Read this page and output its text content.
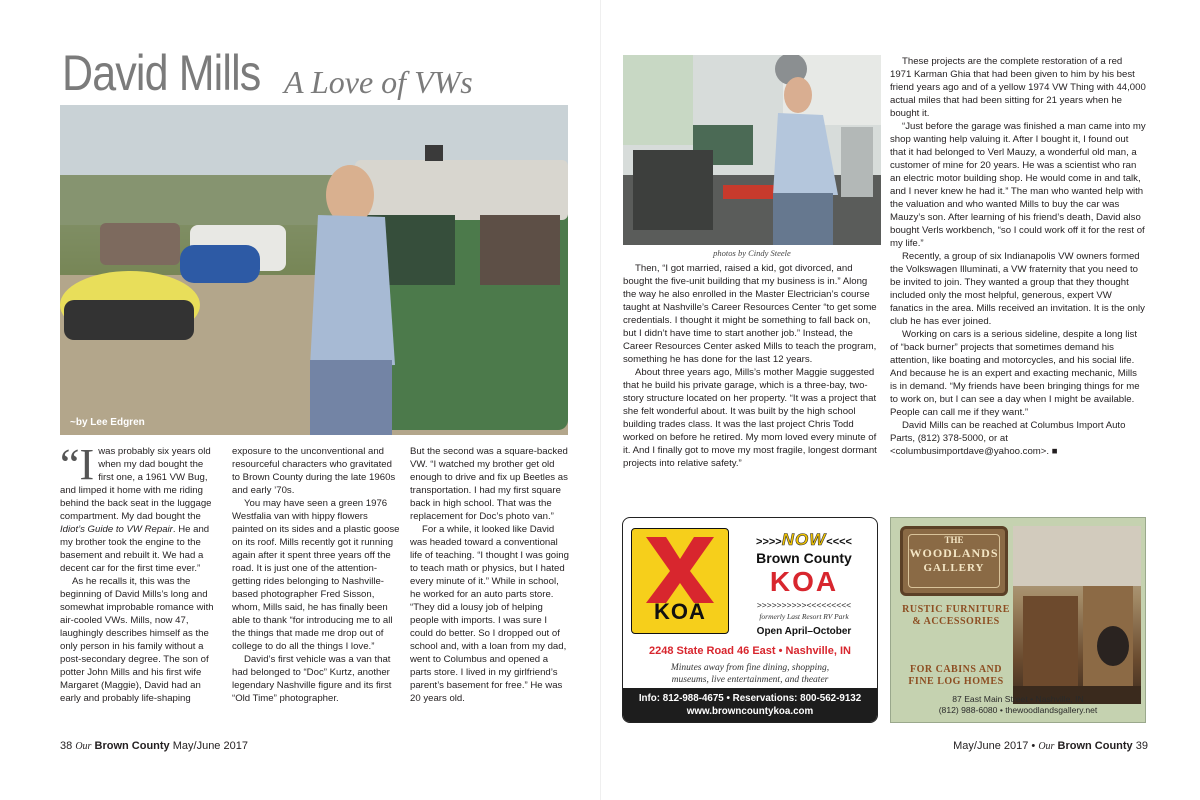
David Mills A Love of VWs
~by Lee Edgren
photos by Cindy Steele

“Iwas probably six years old when my dad bought the first one, a 1961 VW Bug, and limped it home with me riding behind the back seat in the luggage compartment. My dad bought the Idiot’s Guide to VW Repair. He and my brother took the engine to the basement and rebuilt it. We had a decent car for the first time ever.”

As he recalls it, this was the beginning of David Mills’s long and somewhat improbable romance with air-cooled VWs. Mills, now 47, laughingly describes himself as the only person in his family without a post-secondary degree. The son of potter John Mills and his first wife Margaret (Maggie), David had an early and probably life-shaping

exposure to the unconventional and resourceful characters who gravitated to Brown County during the late 1960s and early ’70s.

You may have seen a green 1976 Westfalia van with hippy flowers painted on its sides and a plastic goose on its roof. Mills recently got it running again after it spent three years off the road. It is just one of the attention-getting rides belonging to Nashville-based photographer Fred Sisson, whom, Mills said, he has finally been able to thank “for introducing me to all the things that made me drop out of college to do all the things I love.”

David’s first vehicle was a van that had belonged to “Doc” Kurtz, another legendary Nashville figure and its first “Old Time” photographer.

But the second was a square-backed VW. “I watched my brother get old enough to drive and fix up Beetles as transportation. I had my first square back in high school. That was the replacement for Doc’s photo van.”

For a while, it looked like David was headed toward a conventional life of teaching. “I thought I was going to teach math or physics, but I hated every minute of it.” While in school, he worked for an auto parts store. “They did a lousy job of helping people with imports. I was sure I could do better. So I dropped out of school and, with a loan from my dad, went to Columbus and opened a parts store. I lived in my girlfriend’s parent’s basement for free.” He was 20 years old.

Then, “I got married, raised a kid, got divorced, and bought the five-unit building that my business is in.” Along the way he also enrolled in the Master Electrician’s course taught at Nashville’s Career Resources Center “to get some credentials. I thought it might be something to fall back on, but I didn’t have time to start another job.” Instead, the Career Resources Center asked Mills to teach the program, something he has done for the last 12 years.

About three years ago, Mills’s mother Maggie suggested that he build his private garage, which is a three-bay, two-story structure located on her property. “It was a project that she felt wonderful about. It was built by the high school building trades class. It was the last project Chris Todd worked on before he retired. My mom loved every minute of it. And I finally got to move my most fragile, longest dormant projects into relative safety.”

These projects are the complete restoration of a red 1971 Karman Ghia that had been given to him by his best friend years ago and of a yellow 1974 VW Thing with 44,000 actual miles that had been sitting for 21 years when he bought it.

“Just before the garage was finished a man came into my shop wanting help valuing it. After I bought it, I found out that it had belonged to Verl Mauzy, a wonderful old man, a customer of mine for 20 years. He was a scientist who ran an electric motor building shop. He would come in and talk, and I never knew he had it.” The man who wanted help with the valuation and who wanted Mills to buy the car was Mauzy’s son. After learning of his friend’s death, David also bought Verls workbench, “so I could work off it for the rest of my life.”

Recently, a group of six Indianapolis VW owners formed the Volkswagen Illuminati, a VW fraternity that you need to be invited to join. They wanted a group that they thought included only the most helpful, generous, expert VW fanatics in the area. Mills received an invitation. It is the only club he has ever joined.

Working on cars is a serious sideline, despite a long list of “back burner” projects that sometimes demand his attention, like boating and motorcycles, and his social life. And because he is an expert and exacting mechanic, Mills is in demand. “My friends have been bringing things for me to work on, but I can see a day when I might be available. People can call me if they want.”

David Mills can be reached at Columbus Import Auto Parts, (812) 378-5000, or at <columbusimportdave@yahoo.com>. ■

KOA
>>>>NOW<<<<
Brown County
KOA
>>>>>>>>>><<<<<<<<<
formerly Last Resort RV Park
Open April–October
2248 State Road 46 East • Nashville, IN
Minutes away from fine dining, shopping,
museums, live entertainment, and theater
Info: 812-988-4675 • Reservations: 800-562-9132
www.browncountykoa.com
THE
WOODLANDS
GALLERY
RUSTIC FURNITURE
& ACCESSORIES
FOR CABINS AND
FINE LOG HOMES
87 East Main Street • Nashville, IN
(812) 988-6080 • thewoodlandsgallery.net
38 Our Brown County May/June 2017	May/June 2017 • Our Brown County 39
